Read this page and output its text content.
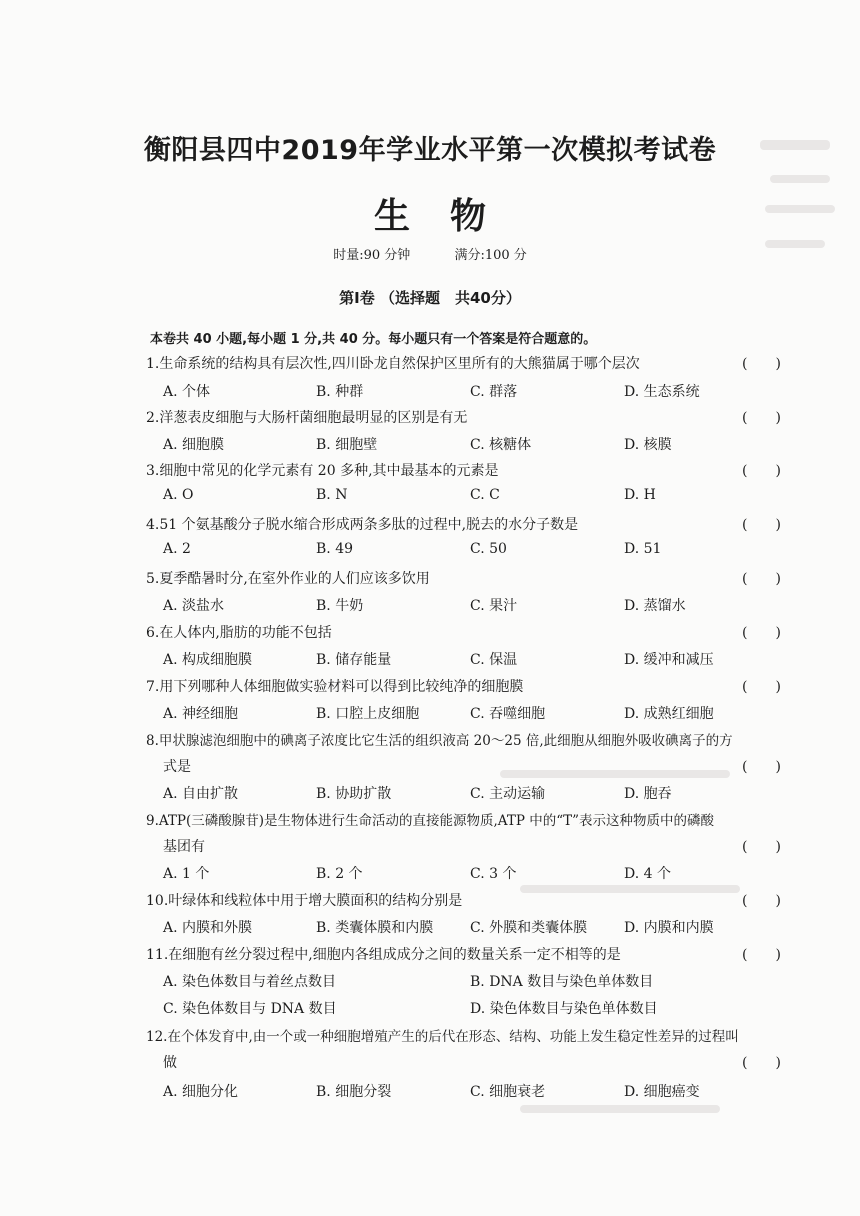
衡阳县四中2019年学业水平第一次模拟考试卷
生物
时量:90 分钟	满分:100 分
第Ⅰ卷 （选择题　共40分）
本卷共 40 小题,每小题 1 分,共 40 分。每小题只有一个答案是符合题意的。
1.生命系统的结构具有层次性,四川卧龙自然保护区里所有的大熊猫属于哪个层次	(　　)
A. 个体	B. 种群	C. 群落	D. 生态系统
2.洋葱表皮细胞与大肠杆菌细胞最明显的区别是有无	(　　)
A. 细胞膜	B. 细胞壁	C. 核糖体	D. 核膜
3.细胞中常见的化学元素有 20 多种,其中最基本的元素是	(　　)
A. O	B. N	C. C	D. H
4.51 个氨基酸分子脱水缩合形成两条多肽的过程中,脱去的水分子数是	(　　)
A. 2	B. 49	C. 50	D. 51
5.夏季酷暑时分,在室外作业的人们应该多饮用	(　　)
A. 淡盐水	B. 牛奶	C. 果汁	D. 蒸馏水
6.在人体内,脂肪的功能不包括	(　　)
A. 构成细胞膜	B. 储存能量	C. 保温	D. 缓冲和减压
7.用下列哪种人体细胞做实验材料可以得到比较纯净的细胞膜	(　　)
A. 神经细胞	B. 口腔上皮细胞	C. 吞噬细胞	D. 成熟红细胞
8.甲状腺滤泡细胞中的碘离子浓度比它生活的组织液高 20～25 倍,此细胞从细胞外吸收碘离子的方
式是	(　　)
A. 自由扩散	B. 协助扩散	C. 主动运输	D. 胞吞
9.ATP(三磷酸腺苷)是生物体进行生命活动的直接能源物质,ATP 中的“T”表示这种物质中的磷酸
基团有	(　　)
A. 1 个	B. 2 个	C. 3 个	D. 4 个
10.叶绿体和线粒体中用于增大膜面积的结构分别是	(　　)
A. 内膜和外膜	B. 类囊体膜和内膜	C. 外膜和类囊体膜	D. 内膜和内膜
11.在细胞有丝分裂过程中,细胞内各组成成分之间的数量关系一定不相等的是	(　　)
A. 染色体数目与着丝点数目	B. DNA 数目与染色单体数目
C. 染色体数目与 DNA 数目	D. 染色体数目与染色单体数目
12.在个体发育中,由一个或一种细胞增殖产生的后代在形态、结构、功能上发生稳定性差异的过程叫
做	(　　)
A. 细胞分化	B. 细胞分裂	C. 细胞衰老	D. 细胞癌变
